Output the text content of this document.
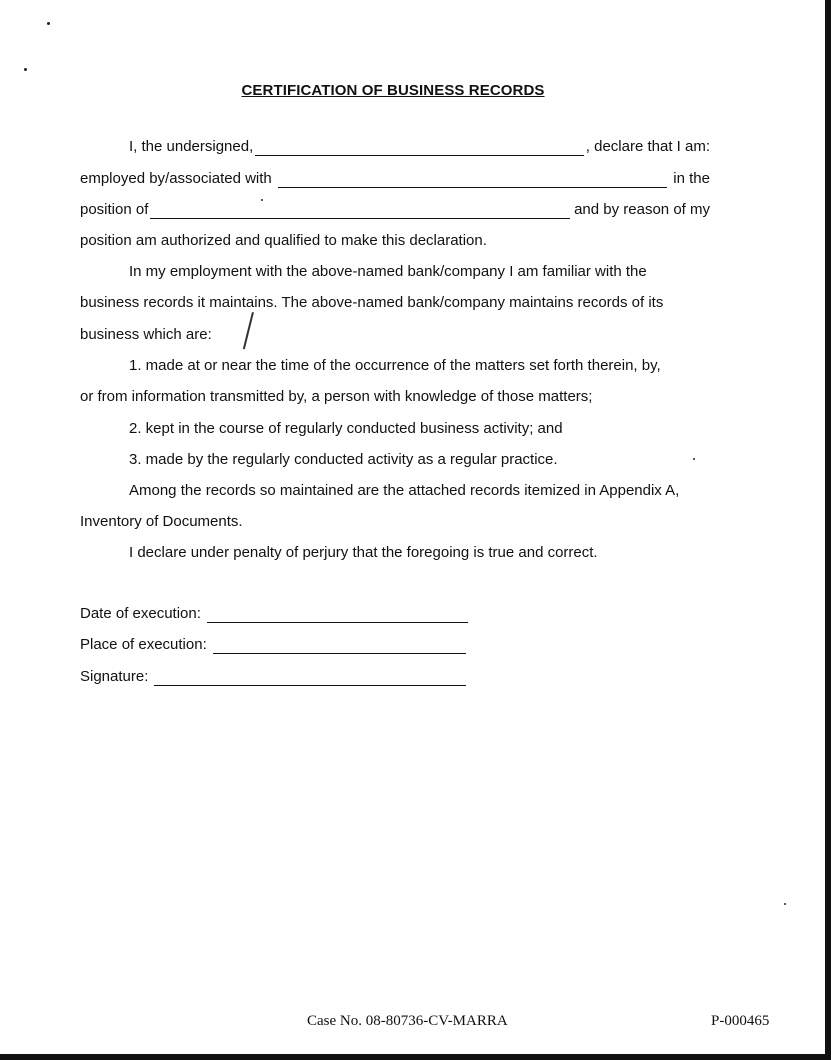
CERTIFICATION OF BUSINESS RECORDS
I, the undersigned,	, declare that I am:
employed by/associated with	in the
position of	and by reason of my
position am authorized and qualified to make this declaration.
In my employment with the above-named bank/company I am familiar with the
business records it maintains. The above-named bank/company maintains records of its
business which are:
1. made at or near the time of the occurrence of the matters set forth therein, by,
or from information transmitted by, a person with knowledge of those matters;
2. kept in the course of regularly conducted business activity; and
3. made by the regularly conducted activity as a regular practice.
Among the records so maintained are the attached records itemized in Appendix A,
Inventory of Documents.
I declare under penalty of perjury that the foregoing is true and correct.
Date of execution:
Place of execution:
Signature:
Case No. 08-80736-CV-MARRA	P-000465
